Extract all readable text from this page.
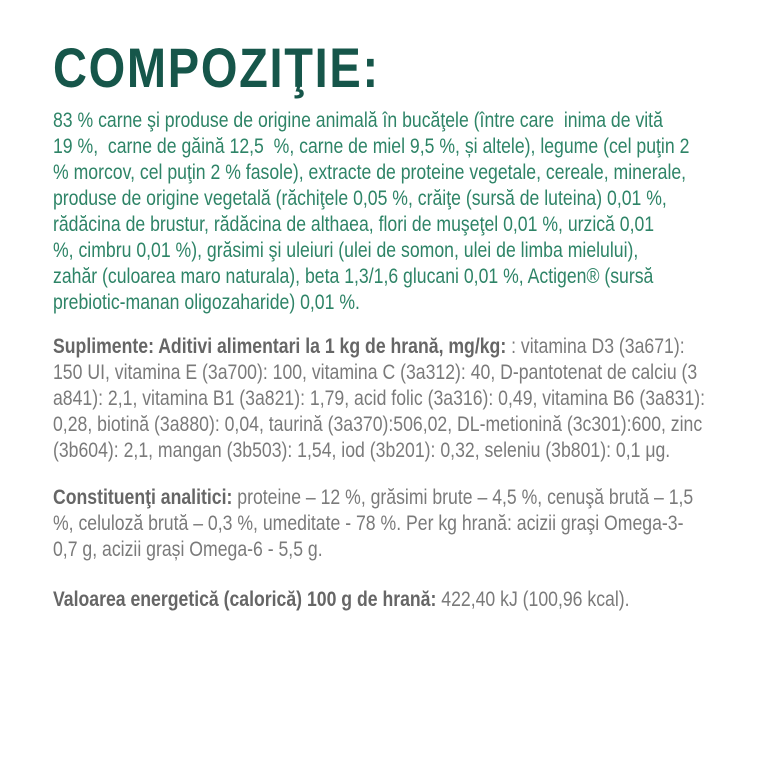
COMPOZIŢIE:
83 % carne şi produse de origine animală în bucăţele (între care  inima de vită
19 %,  carne de găină 12,5  %, carne de miel 9,5 %, și altele), legume (cel puţin 2
% morcov, cel puţin 2 % fasole), extracte de proteine vegetale, cereale, minerale,
produse de origine vegetală (răchiţele 0,05 %, crăiţe (sursă de luteina) 0,01 %,
rădăcina de brustur, rădăcina de althaea, flori de muşeţel 0,01 %, urzică 0,01
%, cimbru 0,01 %), grăsimi şi uleiuri (ulei de somon, ulei de limba mielului),
zahăr (culoarea maro naturala), beta 1,3/1,6 glucani 0,01 %, Actigen® (sursă
prebiotic-manan oligozaharide) 0,01 %.
Suplimente: Aditivi alimentari la 1 kg de hrană, mg/kg: : vitamina D3 (3a671):
150 UI, vitamina E (3a700): 100, vitamina C (3a312): 40, D-pantotenat de calciu (3
a841): 2,1, vitamina B1 (3a821): 1,79, acid folic (3a316): 0,49, vitamina B6 (3a831):
0,28, biotină (3a880): 0,04, taurină (3a370):506,02, DL-metionină (3c301):600, zinc
(3b604): 2,1, mangan (3b503): 1,54, iod (3b201): 0,32, seleniu (3b801): 0,1 μg.
Constituenţi analitici: proteine – 12 %, grăsimi brute – 4,5 %, cenuşă brută – 1,5
%, celuloză brută – 0,3 %, umeditate - 78 %. Per kg hrană: acizii graşi Omega-3-
0,7 g, acizii grași Omega-6 - 5,5 g.
Valoarea energetică (calorică) 100 g de hrană: 422,40 kJ (100,96 kcal).
